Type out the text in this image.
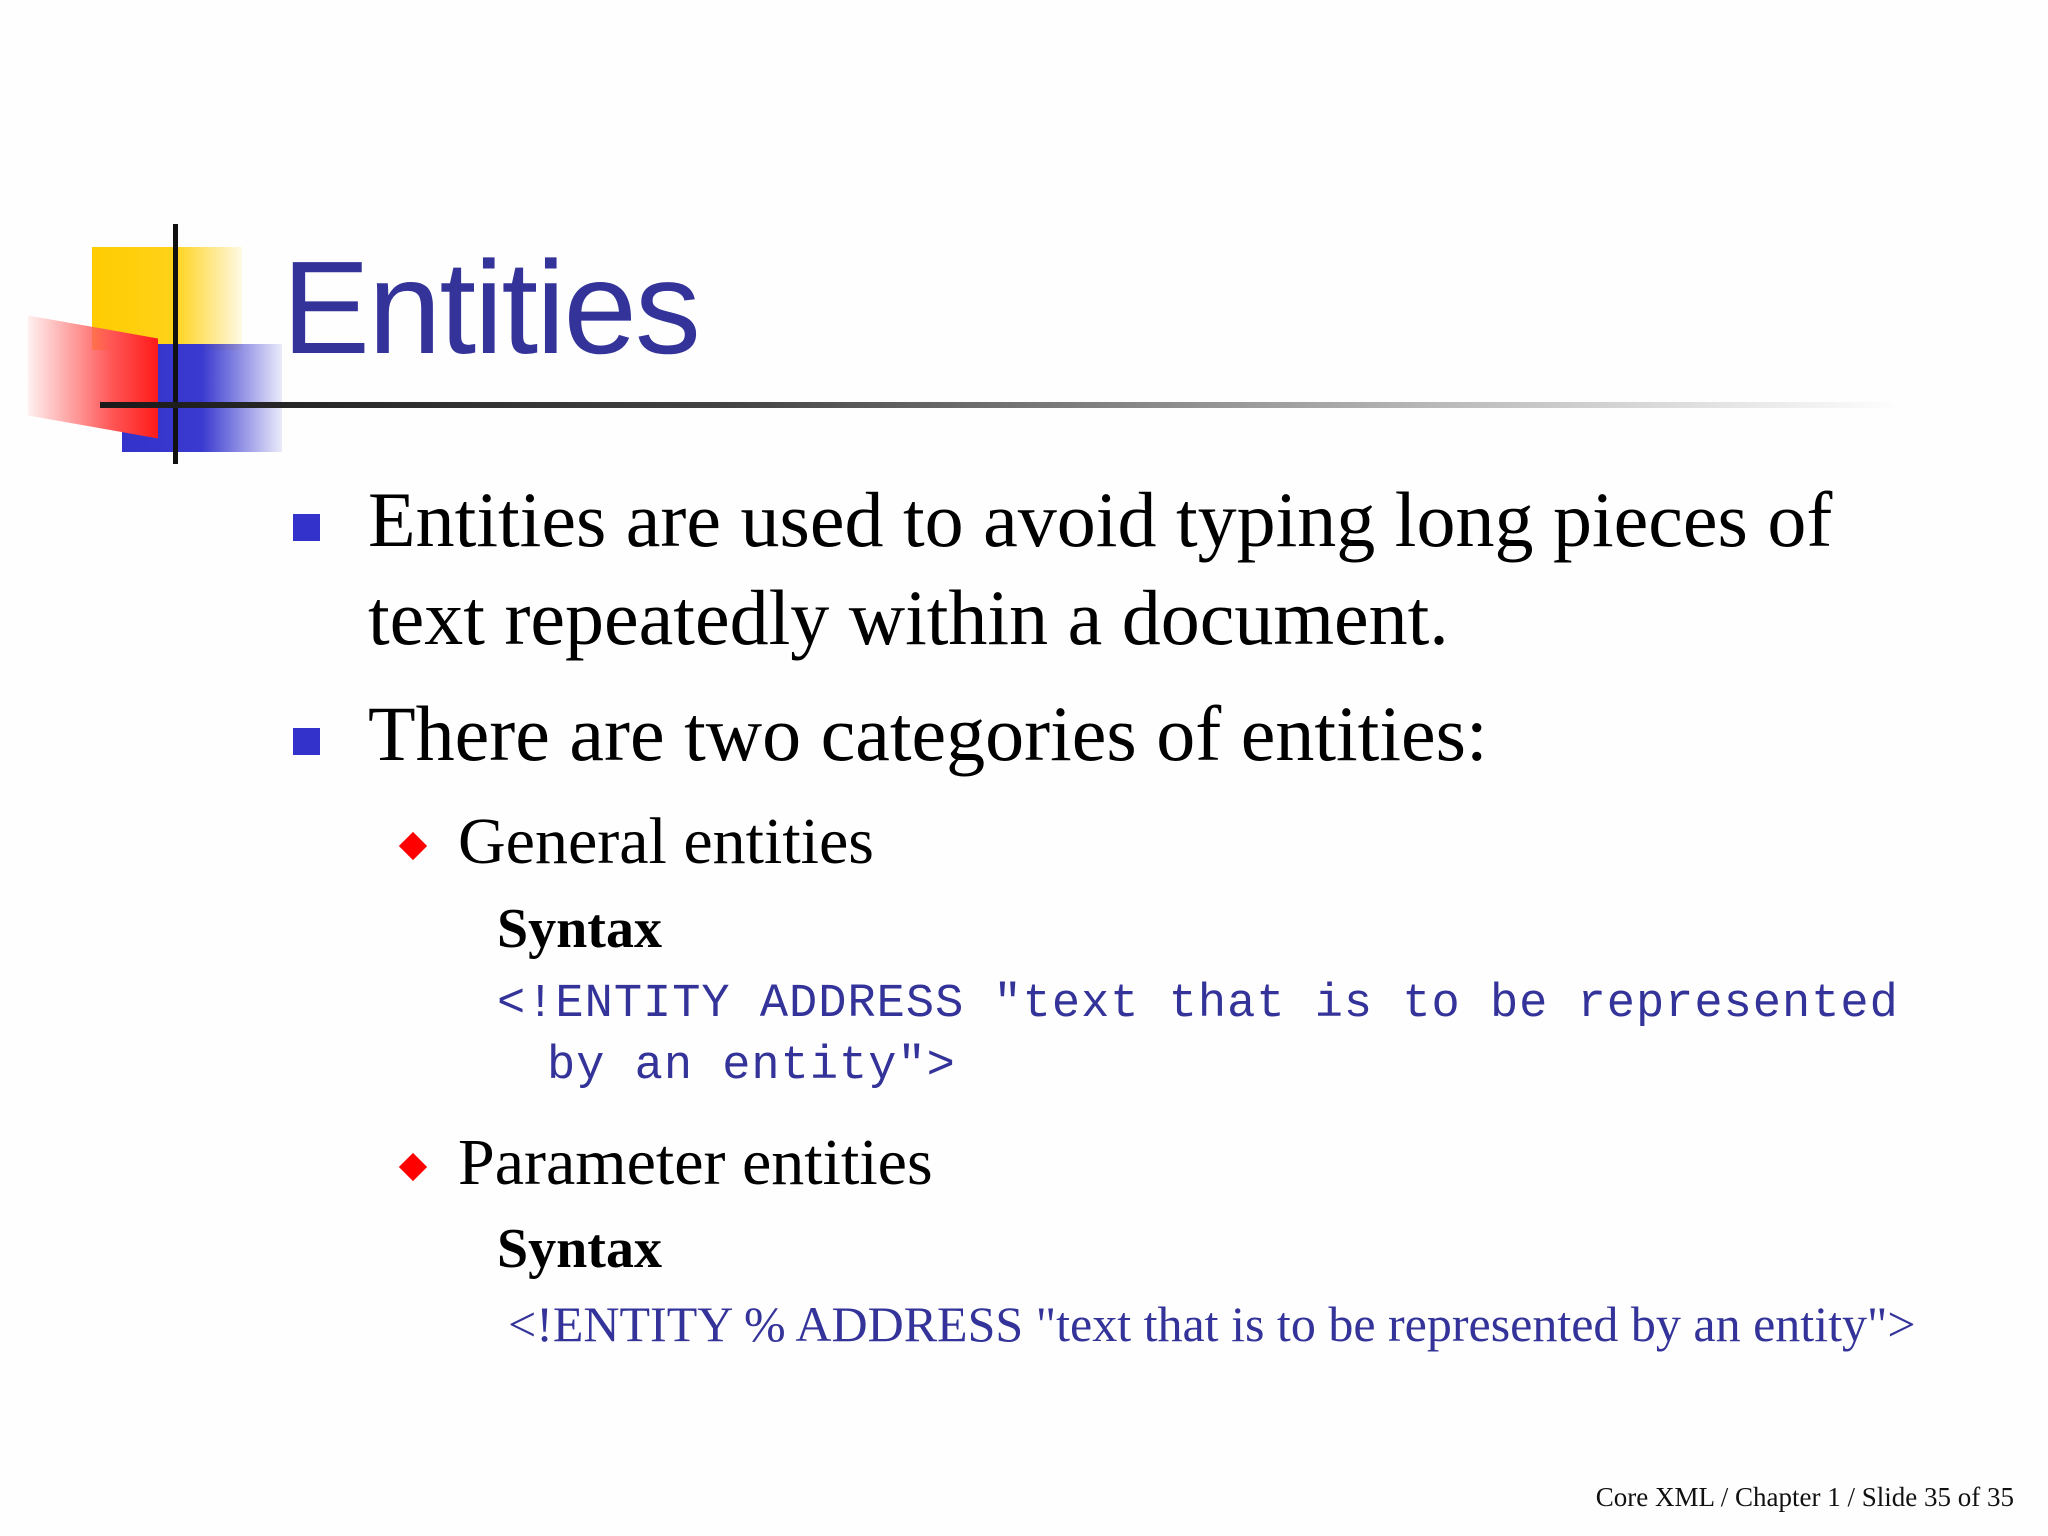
Entities

Entities are used to avoid typing long pieces of text repeatedly within a document.

There are two categories of entities:

General entities

Syntax

<!ENTITY ADDRESS "text that is to be represented

by an entity">

Parameter entities

Syntax

<!ENTITY % ADDRESS "text that is to be represented by an entity">

Core XML / Chapter 1 / Slide 35 of 35
